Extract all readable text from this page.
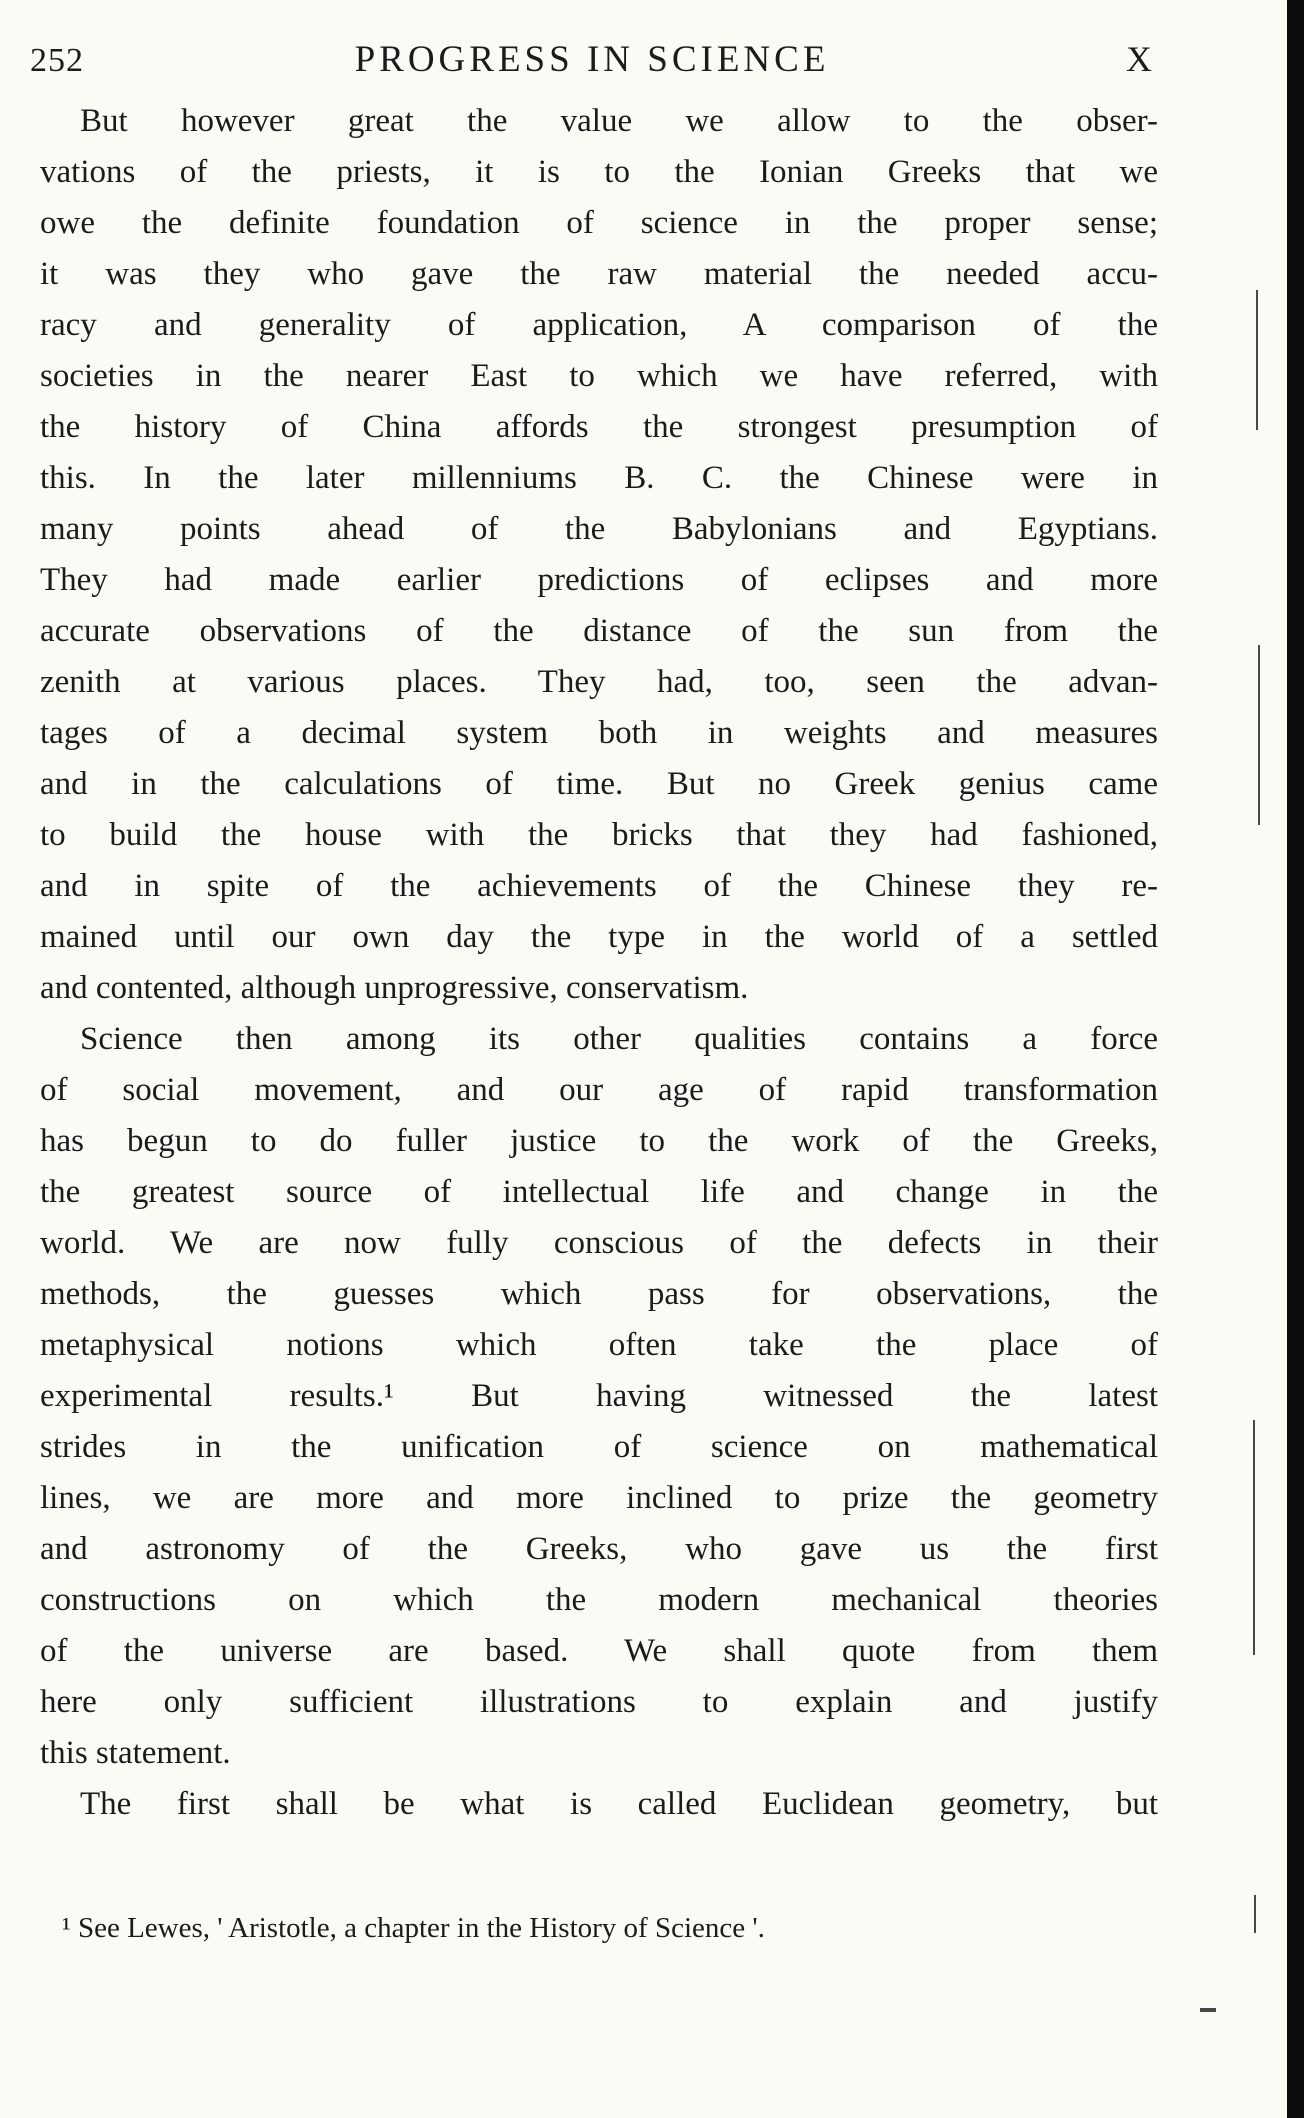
252	PROGRESS IN SCIENCE	X
But however great the value we allow to the obser-
vations of the priests, it is to the Ionian Greeks that we
owe the definite foundation of science in the proper sense;
it was they who gave the raw material the needed accu-
racy and generality of application, A comparison of the
societies in the nearer East to which we have referred, with
the history of China affords the strongest presumption of
this. In the later millenniums B. C. the Chinese were in
many points ahead of the Babylonians and Egyptians.
They had made earlier predictions of eclipses and more
accurate observations of the distance of the sun from the
zenith at various places. They had, too, seen the advan-
tages of a decimal system both in weights and measures
and in the calculations of time. But no Greek genius came
to build the house with the bricks that they had fashioned,
and in spite of the achievements of the Chinese they re-
mained until our own day the type in the world of a settled
and contented, although unprogressive, conservatism.
Science then among its other qualities contains a force
of social movement, and our age of rapid transformation
has begun to do fuller justice to the work of the Greeks,
the greatest source of intellectual life and change in the
world. We are now fully conscious of the defects in their
methods, the guesses which pass for observations, the
metaphysical notions which often take the place of
experimental results.¹ But having witnessed the latest
strides in the unification of science on mathematical
lines, we are more and more inclined to prize the geometry
and astronomy of the Greeks, who gave us the first
constructions on which the modern mechanical theories
of the universe are based. We shall quote from them
here only sufficient illustrations to explain and justify
this statement.
The first shall be what is called Euclidean geometry, but
¹ See Lewes, ' Aristotle, a chapter in the History of Science '.
